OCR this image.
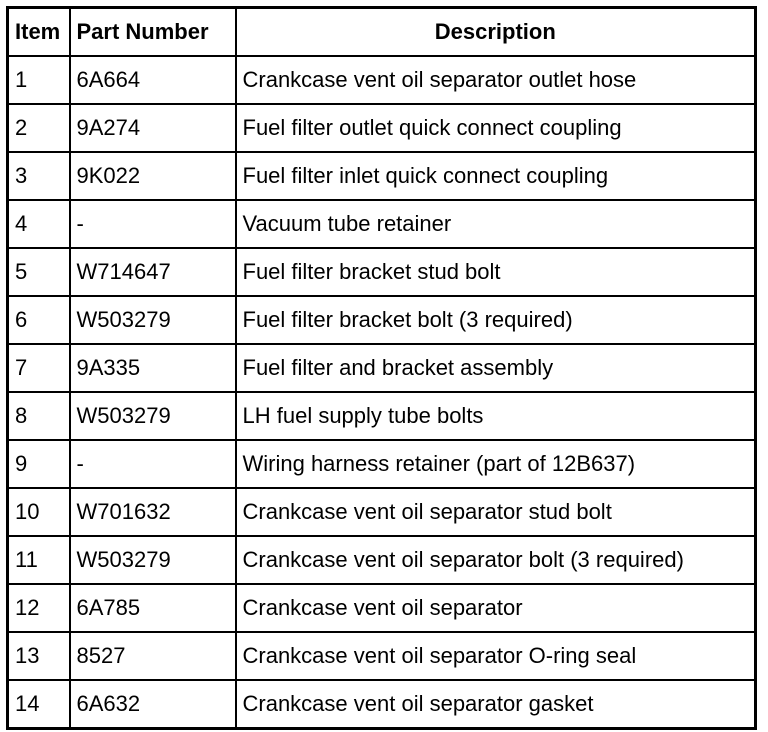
Item	Part Number	Description
1	6A664	Crankcase vent oil separator outlet hose
2	9A274	Fuel filter outlet quick connect coupling
3	9K022	Fuel filter inlet quick connect coupling
4	-	Vacuum tube retainer
5	W714647	Fuel filter bracket stud bolt
6	W503279	Fuel filter bracket bolt (3 required)
7	9A335	Fuel filter and bracket assembly
8	W503279	LH fuel supply tube bolts
9	-	Wiring harness retainer (part of 12B637)
10	W701632	Crankcase vent oil separator stud bolt
11	W503279	Crankcase vent oil separator bolt (3 required)
12	6A785	Crankcase vent oil separator
13	8527	Crankcase vent oil separator O-ring seal
14	6A632	Crankcase vent oil separator gasket
